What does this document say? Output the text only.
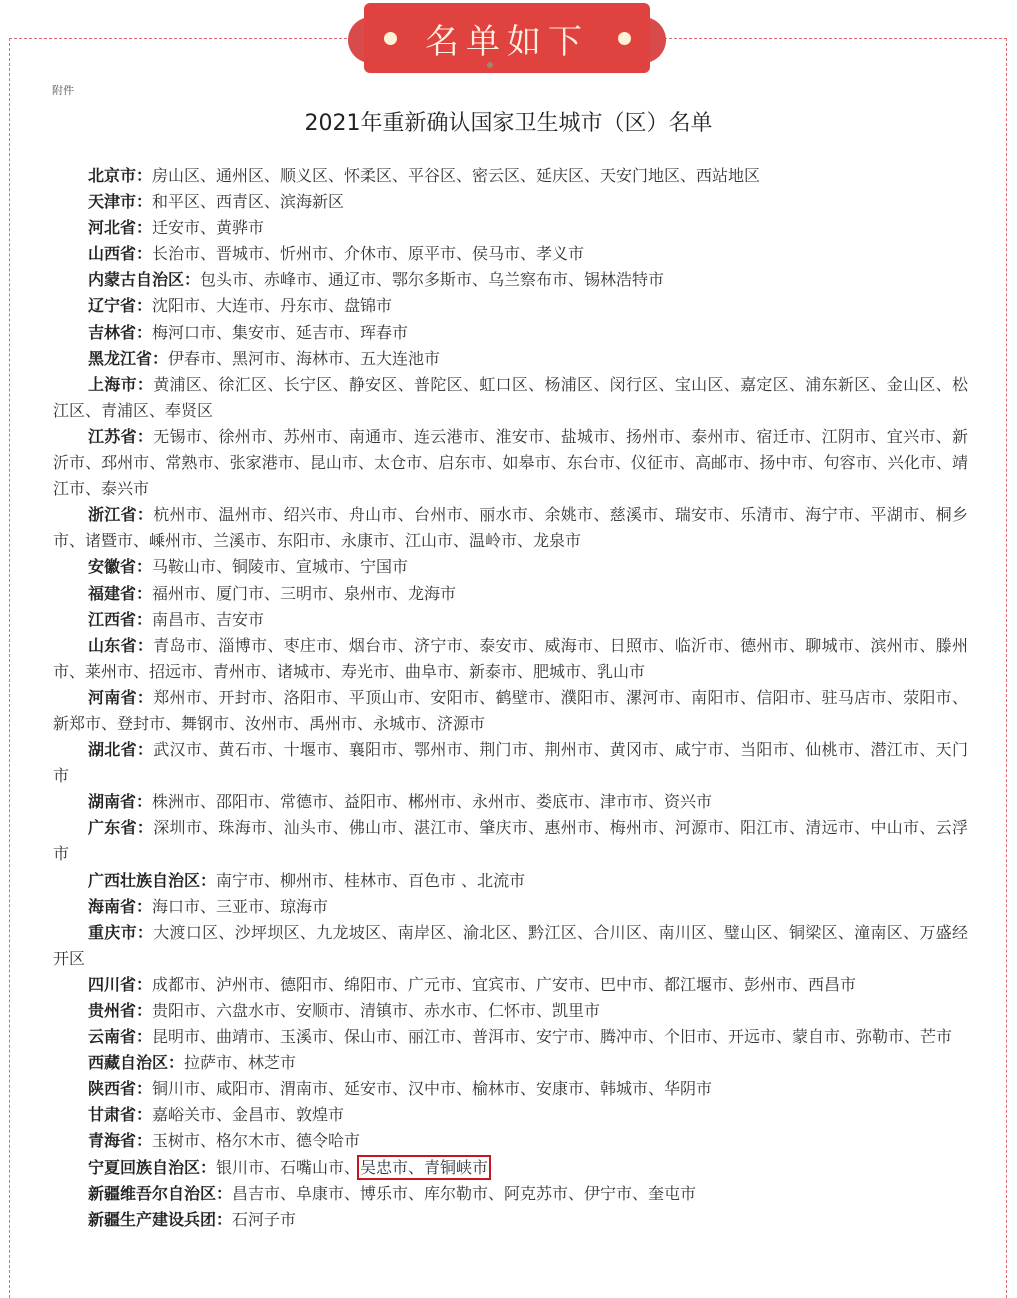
名单如下
附件
2021年重新确认国家卫生城市（区）名单

北京市：房山区、通州区、顺义区、怀柔区、平谷区、密云区、延庆区、天安门地区、西站地区

天津市：和平区、西青区、滨海新区

河北省：迁安市、黄骅市

山西省：长治市、晋城市、忻州市、介休市、原平市、侯马市、孝义市

内蒙古自治区：包头市、赤峰市、通辽市、鄂尔多斯市、乌兰察布市、锡林浩特市

辽宁省：沈阳市、大连市、丹东市、盘锦市

吉林省：梅河口市、集安市、延吉市、珲春市

黑龙江省：伊春市、黑河市、海林市、五大连池市

上海市：黄浦区、徐汇区、长宁区、静安区、普陀区、虹口区、杨浦区、闵行区、宝山区、嘉定区、浦东新区、金山区、松江区、青浦区、奉贤区

江苏省：无锡市、徐州市、苏州市、南通市、连云港市、淮安市、盐城市、扬州市、泰州市、宿迁市、江阴市、宜兴市、新沂市、邳州市、常熟市、张家港市、昆山市、太仓市、启东市、如皋市、东台市、仪征市、高邮市、扬中市、句容市、兴化市、靖江市、泰兴市

浙江省：杭州市、温州市、绍兴市、舟山市、台州市、丽水市、余姚市、慈溪市、瑞安市、乐清市、海宁市、平湖市、桐乡市、诸暨市、嵊州市、兰溪市、东阳市、永康市、江山市、温岭市、龙泉市

安徽省：马鞍山市、铜陵市、宣城市、宁国市

福建省：福州市、厦门市、三明市、泉州市、龙海市

江西省：南昌市、吉安市

山东省：青岛市、淄博市、枣庄市、烟台市、济宁市、泰安市、威海市、日照市、临沂市、德州市、聊城市、滨州市、滕州市、莱州市、招远市、青州市、诸城市、寿光市、曲阜市、新泰市、肥城市、乳山市

河南省：郑州市、开封市、洛阳市、平顶山市、安阳市、鹤壁市、濮阳市、漯河市、南阳市、信阳市、驻马店市、荥阳市、新郑市、登封市、舞钢市、汝州市、禹州市、永城市、济源市

湖北省：武汉市、黄石市、十堰市、襄阳市、鄂州市、荆门市、荆州市、黄冈市、咸宁市、当阳市、仙桃市、潜江市、天门市

湖南省：株洲市、邵阳市、常德市、益阳市、郴州市、永州市、娄底市、津市市、资兴市

广东省：深圳市、珠海市、汕头市、佛山市、湛江市、肇庆市、惠州市、梅州市、河源市、阳江市、清远市、中山市、云浮市

广西壮族自治区：南宁市、柳州市、桂林市、百色市 、北流市

海南省：海口市、三亚市、琼海市

重庆市：大渡口区、沙坪坝区、九龙坡区、南岸区、渝北区、黔江区、合川区、南川区、璧山区、铜梁区、潼南区、万盛经开区

四川省：成都市、泸州市、德阳市、绵阳市、广元市、宜宾市、广安市、巴中市、都江堰市、彭州市、西昌市

贵州省：贵阳市、六盘水市、安顺市、清镇市、赤水市、仁怀市、凯里市

云南省：昆明市、曲靖市、玉溪市、保山市、丽江市、普洱市、安宁市、腾冲市、个旧市、开远市、蒙自市、弥勒市、芒市

西藏自治区：拉萨市、林芝市

陕西省：铜川市、咸阳市、渭南市、延安市、汉中市、榆林市、安康市、韩城市、华阴市

甘肃省：嘉峪关市、金昌市、敦煌市

青海省：玉树市、格尔木市、德令哈市

宁夏回族自治区：银川市、石嘴山市、吴忠市、青铜峡市

新疆维吾尔自治区：昌吉市、阜康市、博乐市、库尔勒市、阿克苏市、伊宁市、奎屯市

新疆生产建设兵团：石河子市
